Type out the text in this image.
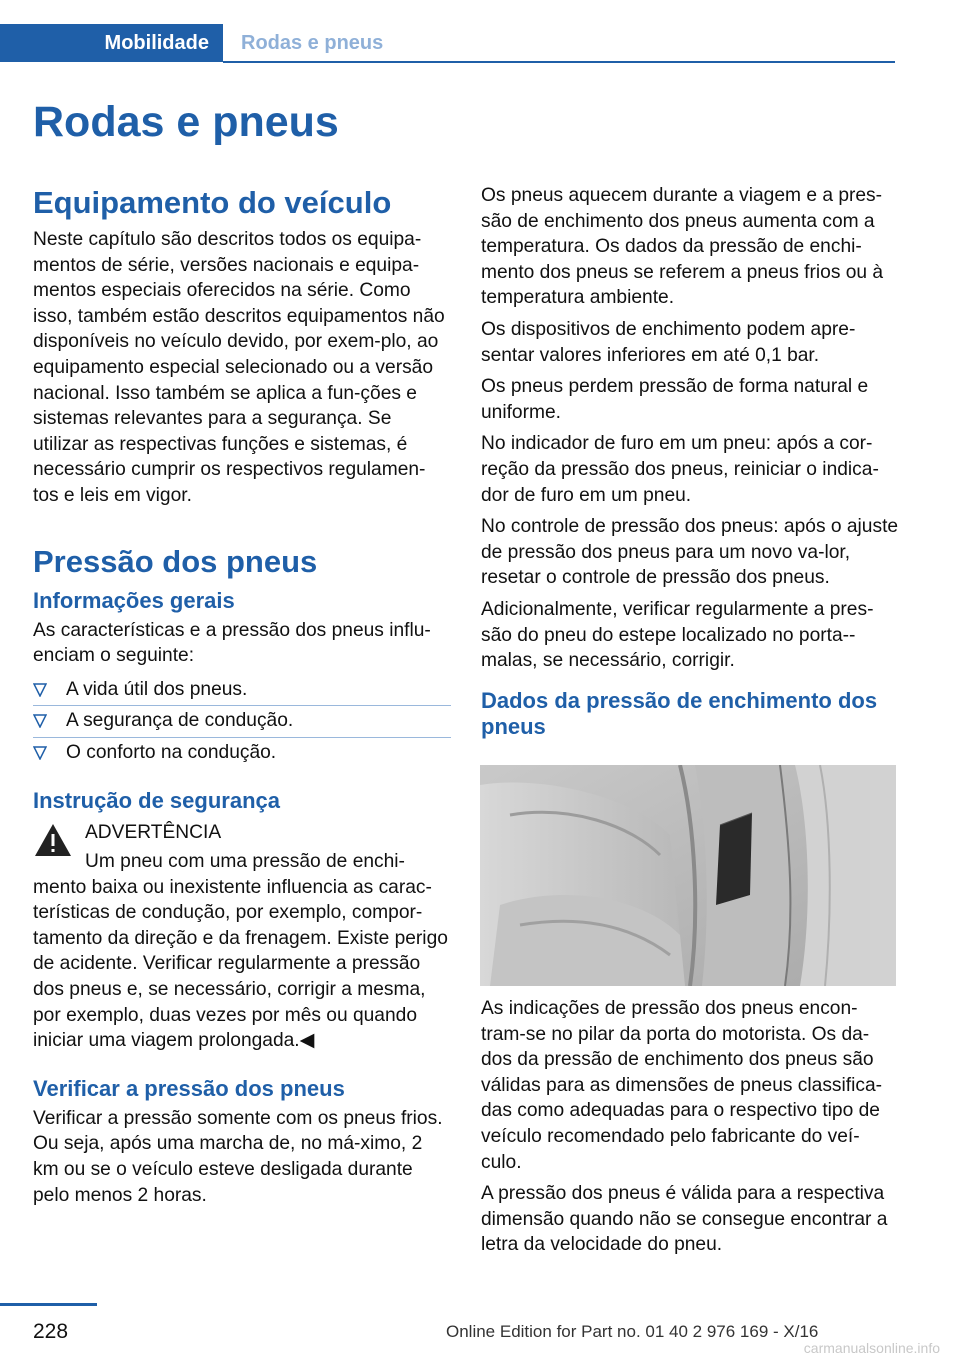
Mobilidade Rodas e pneus
Rodas e pneus
Equipamento do veículo

Neste capítulo são descritos todos os equipa-mentos de série, versões nacionais e equipa-mentos especiais oferecidos na série. Como isso, também estão descritos equipamentos não disponíveis no veículo devido, por exem-plo, ao equipamento especial selecionado ou a versão nacional. Isso também se aplica a fun-ções e sistemas relevantes para a segurança. Se utilizar as respectivas funções e sistemas, é necessário cumprir os respectivos regulamen-tos e leis em vigor.

Pressão dos pneus
Informações gerais

As características e a pressão dos pneus influ-enciam o seguinte:

A vida útil dos pneus.
A segurança de condução.
O conforto na condução.
Instrução de segurança

ADVERTÊNCIA

Um pneu com uma pressão de enchi-mento baixa ou inexistente influencia as carac-terísticas de condução, por exemplo, compor-tamento da direção e da frenagem. Existe perigo de acidente. Verificar regularmente a pressão dos pneus e, se necessário, corrigir a mesma, por exemplo, duas vezes por mês ou quando iniciar uma viagem prolongada.◀

Verificar a pressão dos pneus

Verificar a pressão somente com os pneus frios. Ou seja, após uma marcha de, no má-ximo, 2 km ou se o veículo esteve desligada durante pelo menos 2 horas.

Os pneus aquecem durante a viagem e a pres-são de enchimento dos pneus aumenta com a temperatura. Os dados da pressão de enchi-mento dos pneus se referem a pneus frios ou à temperatura ambiente.

Os dispositivos de enchimento podem apre-sentar valores inferiores em até 0,1 bar.

Os pneus perdem pressão de forma natural e uniforme.

No indicador de furo em um pneu: após a cor-reção da pressão dos pneus, reiniciar o indica-dor de furo em um pneu.

No controle de pressão dos pneus: após o ajuste de pressão dos pneus para um novo va-lor, resetar o controle de pressão dos pneus.

Adicionalmente, verificar regularmente a pres-são do pneu do estepe localizado no porta--malas, se necessário, corrigir.

Dados da pressão de enchimento dos pneus

As indicações de pressão dos pneus encon-tram-se no pilar da porta do motorista. Os da-dos da pressão de enchimento dos pneus são válidas para as dimensões de pneus classifica-das como adequadas para o respectivo tipo de veículo recomendado pelo fabricante do veí-culo.

A pressão dos pneus é válida para a respectiva dimensão quando não se consegue encontrar a letra da velocidade do pneu.

228	Online Edition for Part no. 01 40 2 976 169 - X/16
carmanualsonline.info
